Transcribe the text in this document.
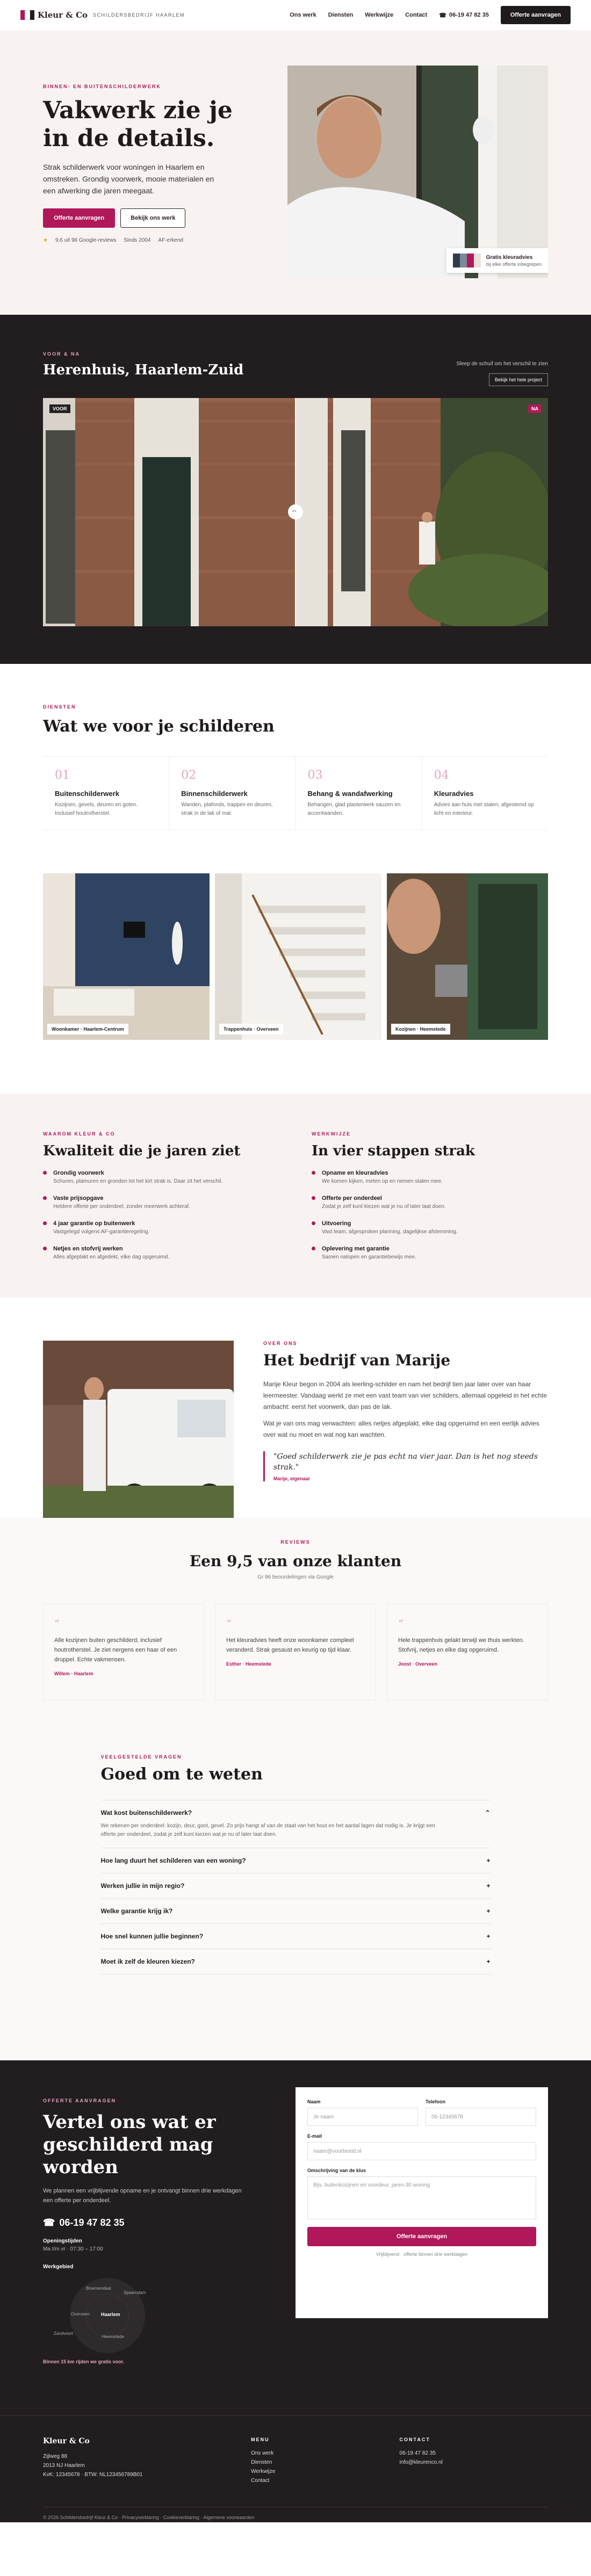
Kleur & Co SCHILDERSBEDRIJF HAARLEM	Ons werk Diensten Werkwijze Contact ☎ 06-19 47 82 35	Offerte aanvragen
BINNEN- EN BUITENSCHILDERWERK
Vakwerk zie je in de details.

Strak schilderwerk voor woningen in Haarlem en omstreken. Grondig voorwerk, mooie materialen en een afwerking die jaren meegaat.

Offerte aanvragen	Bekijk ons werk
★ 9,6 uit 96 Google-reviews Sinds 2004 AF-erkend
Gratis kleuradvies
bij elke offerte inbegrepen
VOOR & NA
Herenhuis, Haarlem-Zuid	Sleep de schuif om het verschil te zien
Bekijk het hele project
VOOR	NA
⇔
DIENSTEN
Wat we voor je schilderen
01
Buitenschilderwerk

Kozijnen, gevels, deuren en goten. Inclusief houtrotherstel.

02
Binnenschilderwerk

Wanden, plafonds, trappen en deuren, strak in de lak of mat.

03
Behang & wandafwerking

Behangen, glad plasterwerk sauzen en accentwanden.

04
Kleuradvies

Advies aan huis met stalen, afgestemd op licht en interieur.

Woonkamer · Haarlem-Centrum	Trappenhuis · Overveen	Kozijnen · Heemstede
WAAROM KLEUR & CO
Kwaliteit die je jaren ziet
Grondig voorwerk
Schuren, plamuren en gronden tot het kirt strak is. Daar zit het verschil.
Vaste prijsopgave
Heldere offerte per onderdeel, zonder meerwerk achteraf.
4 jaar garantie op buitenwerk
Vastgelegd volgens AF-garantieregeling.
Netjes en stofvrij werken
Alles afgeplakt en afgedekt, elke dag opgeruimd.
WERKWIJZE
In vier stappen strak
Opname en kleuradvies
We komen kijken, meten op en nemen stalen mee.
Offerte per onderdeel
Zodat je zelf kunt kiezen wat je nu of later laat doen.
Uitvoering
Vast team, afgesproken planning, dagelijkse afstemming.
Oplevering met garantie
Samen nalopen en garantiebewijs mee.
OVER ONS
Het bedrijf van Marije

Marije Kleur begon in 2004 als leerling-schilder en nam het bedrijf tien jaar later over van haar leermeester. Vandaag werkt ze met een vast team van vier schilders, allemaal opgeleid in het echte ambacht: eerst het voorwerk, dan pas de lak.

Wat je van ons mag verwachten: alles netjes afgeplakt, elke dag opgeruimd en een eerlijk advies over wat nu moet en wat nog kan wachten.

"Goed schilderwerk zie je pas echt na vier jaar. Dan is het nog steeds strak."
Marije, eigenaar
REVIEWS
Een 9,5 van onze klanten
Gr 96 beoordelingen via Google
“

Alle kozijnen buiten geschilderd, inclusief houtrotherstel. Je ziet nergens een haar of een druppel. Echte vakmensen.

Willem · Haarlem
“

Het kleuradvies heeft onze woonkamer compleet veranderd. Strak gesaust en keurig op tijd klaar.

Esther · Heemstede
“

Hele trappenhuis gelakt terwijl we thuis werkten. Stofvrij, netjes en elke dag opgeruimd.

Joost · Overveen
VEELGESTELDE VRAGEN
Goed om te weten
Wat kost buitenschilderwerk?	⌃
We rekenen per onderdeel: kozijn, deur, goot, gevel. Zo prijs hangt af van de staat van het hout en het aantal lagen dat nodig is. Je krijgt een offerte per onderdeel, zodat je zelf kunt kiezen wat je nu of later laat doen.
Hoe lang duurt het schilderen van een woning?	+
Werken jullie in mijn regio?	+
Welke garantie krijg ik?	+
Hoe snel kunnen jullie beginnen?	+
Moet ik zelf de kleuren kiezen?	+
OFFERTE AANVRAGEN
Vertel ons wat er geschilderd mag worden

We plannen een vrijblijvende opname en je ontvangt binnen drie werkdagen een offerte per onderdeel.

☎ 06-19 47 82 35
Openingstijden
Ma t/m vr · 07:30 – 17:00
Werkgebied
Bloemendaal
Haarlem
Overveen
Heemstede
Zandvoort
Spaarndam
Binnen 15 km rijden we gratis voor.
Naam
Je naam
Telefoon
06-12345678
E-mail
naam@voorbeeld.nl
Omschrijving van de klus
Bijv. buitenkozijnen en voordeur, jaren-30 woning
Offerte aanvragen
Vrijblijvend · offerte binnen drie werkdagen
Kleur & Co
Zijlweg 88
2013 NJ Haarlem
KvK: 12345678 · BTW: NL123456789B01
MENU
Ons werk
Diensten
Werkwijze
Contact
CONTACT
06-19 47 82 35
info@kleurenco.nl
© 2026 Schildersbedrijf Kleur & Co · Privacyverklaring · Cookieverklaring · Algemene voorwaarden
